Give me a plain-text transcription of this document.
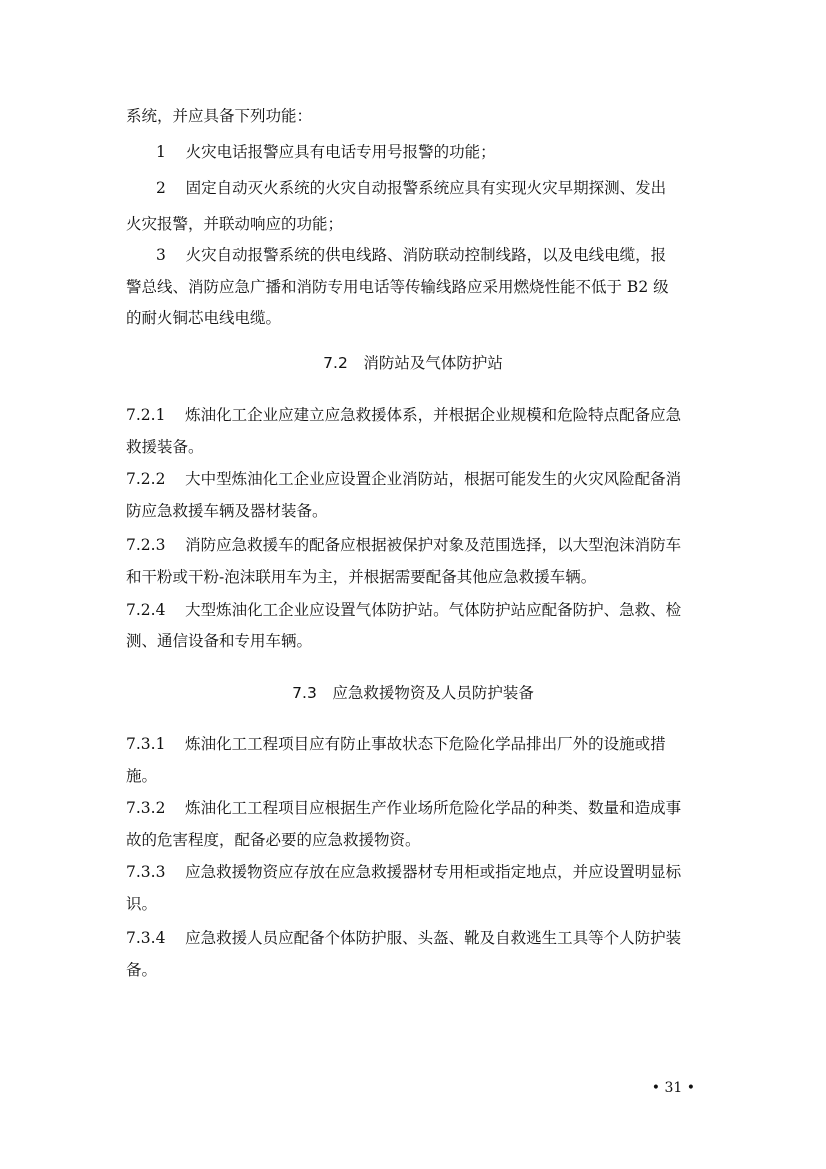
系统，并应具备下列功能：
1 火灾电话报警应具有电话专用号报警的功能；
2 固定自动灭火系统的火灾自动报警系统应具有实现火灾早期探测、发出
火灾报警，并联动响应的功能；
3 火灾自动报警系统的供电线路、消防联动控制线路，以及电线电缆，报
警总线、消防应急广播和消防专用电话等传输线路应采用燃烧性能不低于 B2 级
的耐火铜芯电线电缆。
7.2　消防站及气体防护站
7.2.1 炼油化工企业应建立应急救援体系，并根据企业规模和危险特点配备应急
救援装备。
7.2.2 大中型炼油化工企业应设置企业消防站，根据可能发生的火灾风险配备消
防应急救援车辆及器材装备。
7.2.3 消防应急救援车的配备应根据被保护对象及范围选择，以大型泡沫消防车
和干粉或干粉-泡沫联用车为主，并根据需要配备其他应急救援车辆。
7.2.4 大型炼油化工企业应设置气体防护站。气体防护站应配备防护、急救、检
测、通信设备和专用车辆。
7.3　应急救援物资及人员防护装备
7.3.1 炼油化工工程项目应有防止事故状态下危险化学品排出厂外的设施或措
施。
7.3.2 炼油化工工程项目应根据生产作业场所危险化学品的种类、数量和造成事
故的危害程度，配备必要的应急救援物资。
7.3.3 应急救援物资应存放在应急救援器材专用柜或指定地点，并应设置明显标
识。
7.3.4 应急救援人员应配备个体防护服、头盔、靴及自救逃生工具等个人防护装
备。
• 31 •
